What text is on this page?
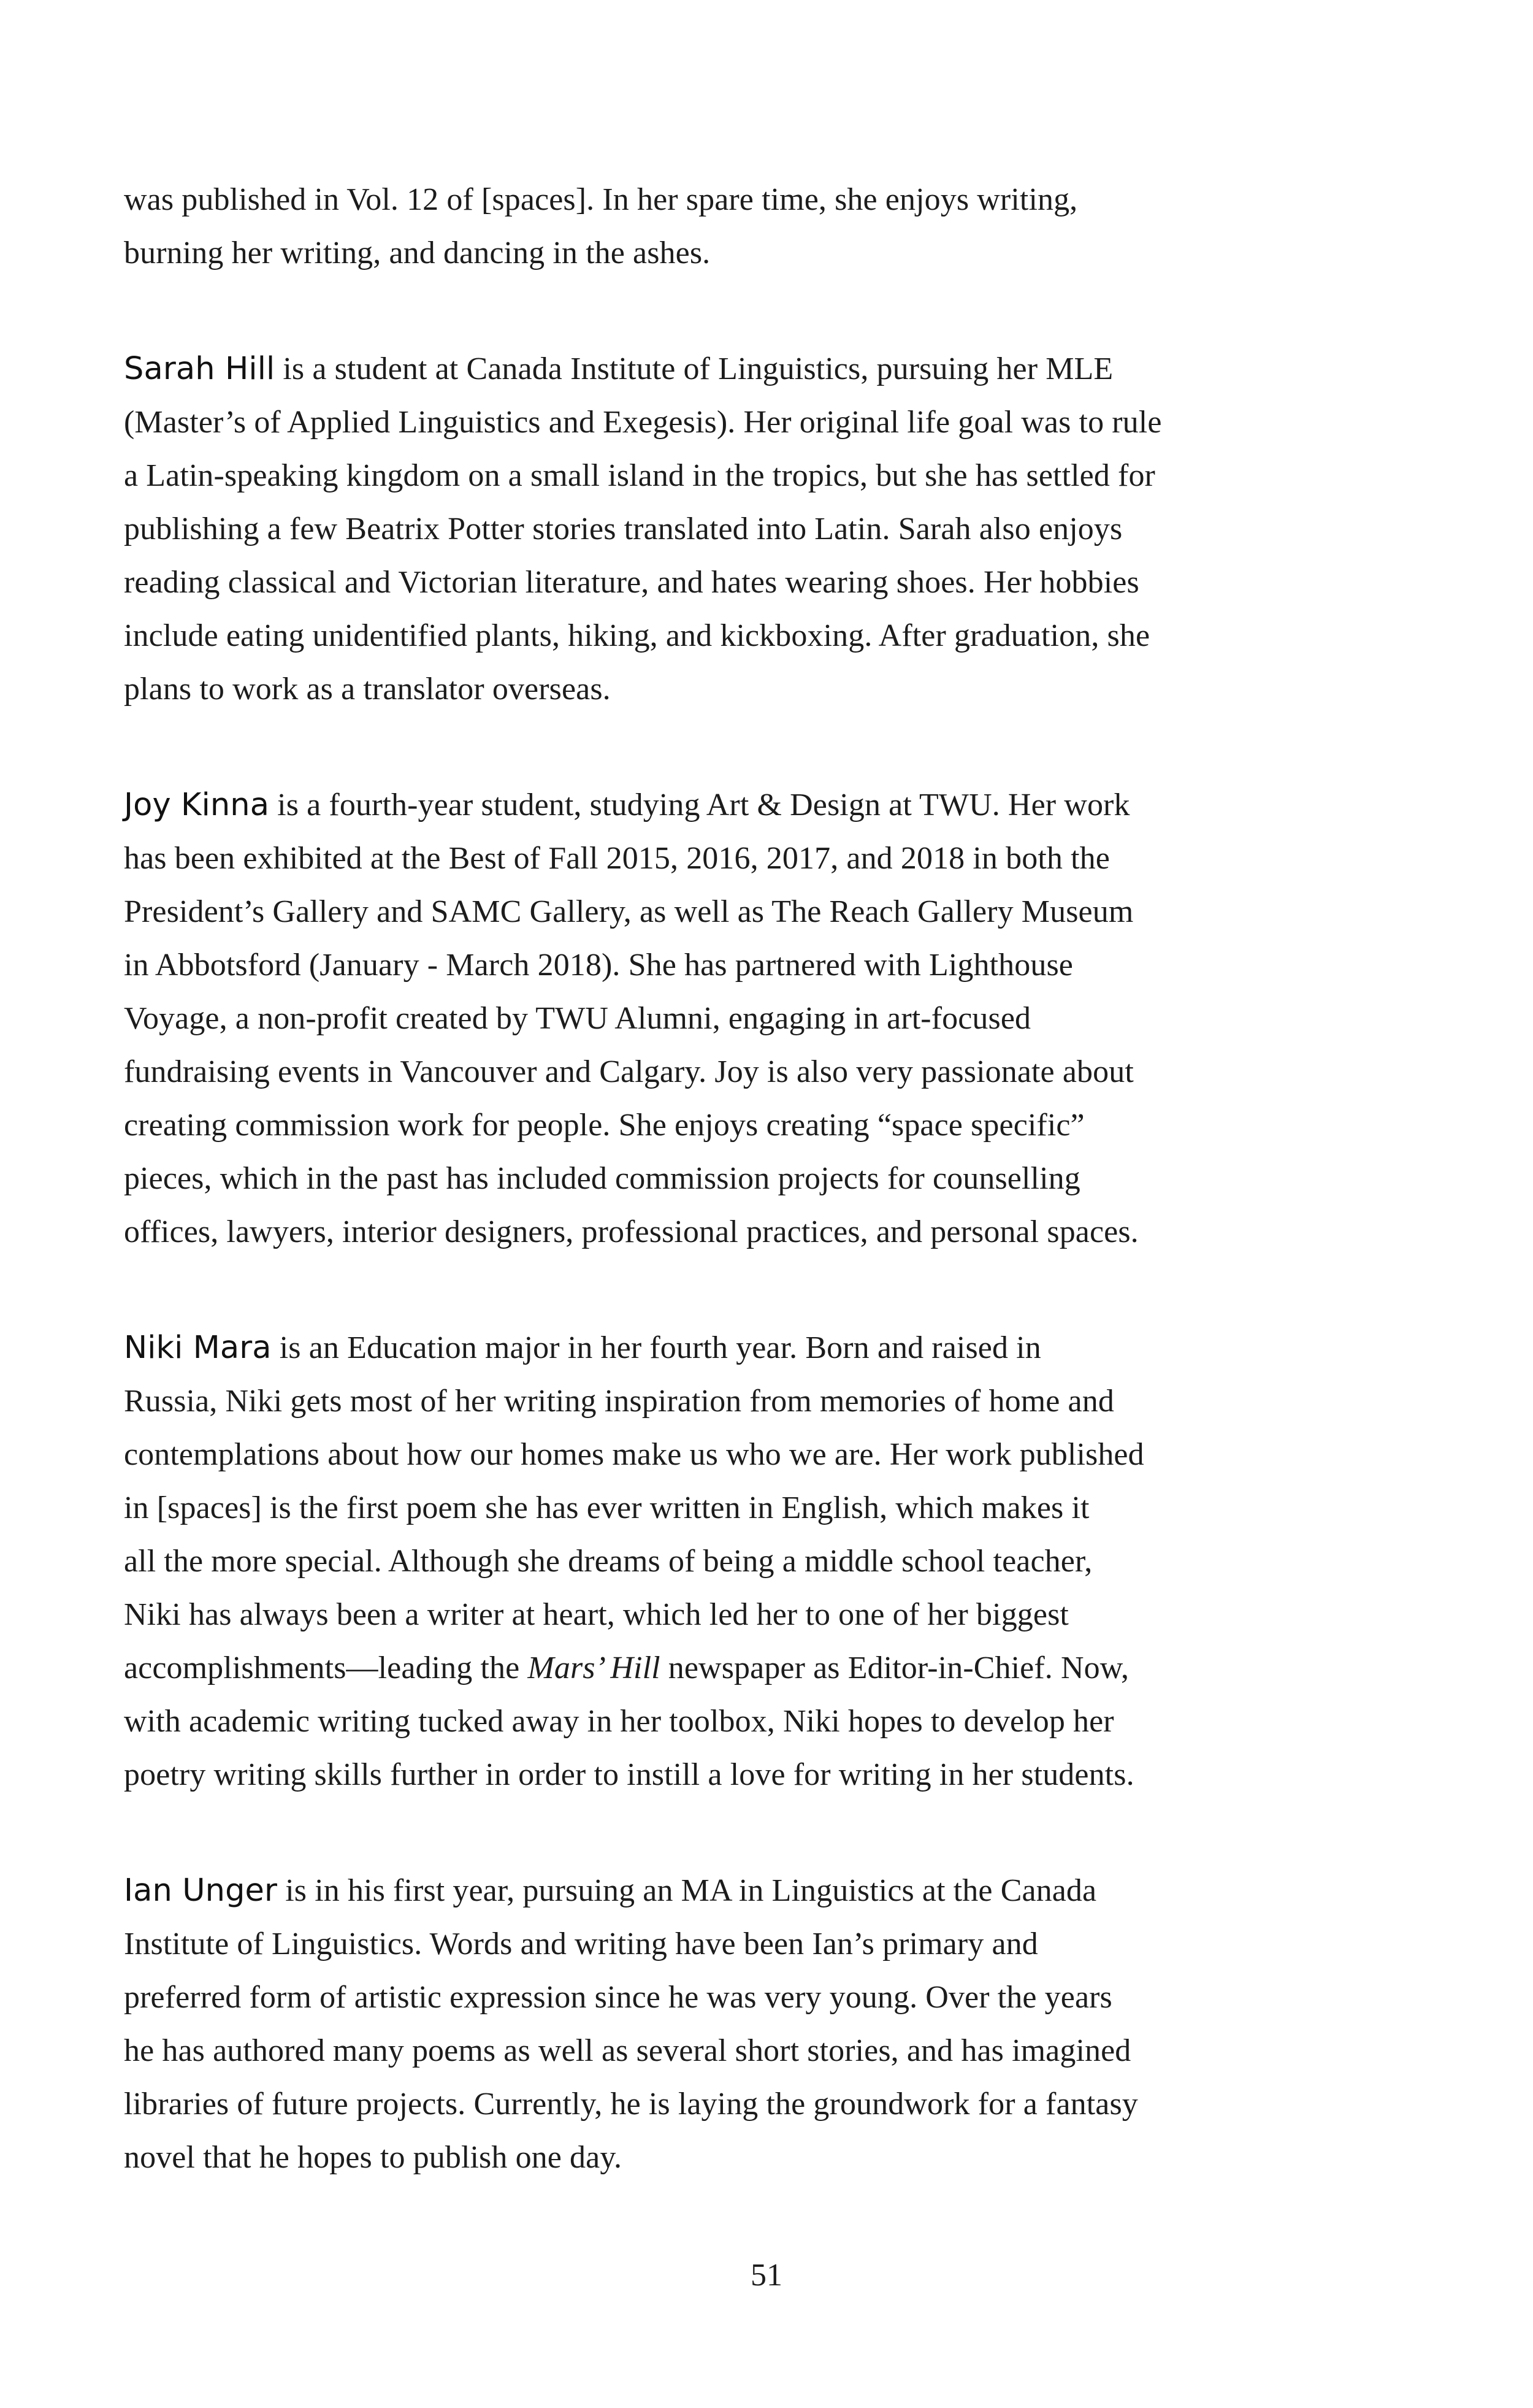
was published in Vol. 12 of [spaces]. In her spare time, she enjoys writing,
burning her writing, and dancing in the ashes.

Sarah Hill is a student at Canada Institute of Linguistics, pursuing her MLE
(Master’s of Applied Linguistics and Exegesis). Her original life goal was to rule
a Latin-speaking kingdom on a small island in the tropics, but she has settled for
publishing a few Beatrix Potter stories translated into Latin. Sarah also enjoys
reading classical and Victorian literature, and hates wearing shoes. Her hobbies
include eating unidentified plants, hiking, and kickboxing. After graduation, she
plans to work as a translator overseas.

Joy Kinna is a fourth-year student, studying Art & Design at TWU. Her work
has been exhibited at the Best of Fall 2015, 2016, 2017, and 2018 in both the
President’s Gallery and SAMC Gallery, as well as The Reach Gallery Museum
in Abbotsford (January - March 2018). She has partnered with Lighthouse
Voyage, a non-profit created by TWU Alumni, engaging in art-focused
fundraising events in Vancouver and Calgary. Joy is also very passionate about
creating commission work for people. She enjoys creating “space specific”
pieces, which in the past has included commission projects for counselling
offices, lawyers, interior designers, professional practices, and personal spaces.

Niki Mara is an Education major in her fourth year. Born and raised in
Russia, Niki gets most of her writing inspiration from memories of home and
contemplations about how our homes make us who we are. Her work published
in [spaces] is the first poem she has ever written in English, which makes it
all the more special. Although she dreams of being a middle school teacher,
Niki has always been a writer at heart, which led her to one of her biggest
accomplishments—leading the Mars’ Hill newspaper as Editor-in-Chief. Now,
with academic writing tucked away in her toolbox, Niki hopes to develop her
poetry writing skills further in order to instill a love for writing in her students.

Ian Unger is in his first year, pursuing an MA in Linguistics at the Canada
Institute of Linguistics. Words and writing have been Ian’s primary and
preferred form of artistic expression since he was very young. Over the years
he has authored many poems as well as several short stories, and has imagined
libraries of future projects. Currently, he is laying the groundwork for a fantasy
novel that he hopes to publish one day.

51
